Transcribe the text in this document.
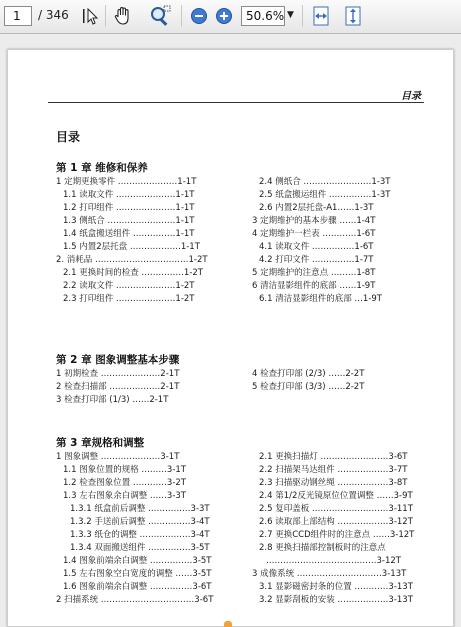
1	/ 346	50.6% ▼
目录
目录
第 1 章 维修和保养
1 定期更换零件 …………………1-1T
1.1 读取文件 …………………1-1T
1.2 打印组件 …………………1-1T
1.3 侧纸合 ……………………1-1T
1.4 纸盒搬送组件 ……………1-1T
1.5 内置2层托盘 ………………1-1T
2. 消耗品 ……………………………1-2T
2.1 更换时间的检查 ……………1-2T
2.2 读取文件 …………………1-2T
2.3 打印组件 …………………1-2T
2.4 侧纸合 ……………………1-3T
2.5 纸盒搬运组件 ……………1-3T
2.6 内置2层托盘-A1……1-3T
3 定期维护的基本步骤 ……1-4T
4 定期维护一栏表 …………1-6T
4.1 读取文件 ……………1-6T
4.2 打印文件 ……………1-7T
5 定期维护的注意点 ………1-8T
6 清洁显影组件的底部 ……1-9T
6.1 清洁显影组件的底部 …1-9T
第 2 章 图象调整基本步骤
1 初期检查 …………………2-1T
2 检查扫描部 ………………2-1T
3 检查打印部 (1/3) ……2-1T
4 检查打印部 (2/3) ……2-2T
5 检查打印部 (3/3) ……2-2T
第 3 章规格和调整
1 图象调整 …………………3-1T
1.1 图象位置的规格 ………3-1T
1.2 检查图象位置 …………3-2T
1.3 左右图象余白调整 ……3-3T
1.3.1 纸盒前后调整 ……………3-3T
1.3.2 手送前后调整 ……………3-4T
1.3.3 纸仓的调整 ………………3-4T
1.3.4 双面搬送组件 ……………3-5T
1.4 图象前端余白调整 ……………3-5T
1.5 左右图象空白宽度的调整 ……3-5T
1.6 图象前端余白调整 ……………3-6T
2 扫描系统 ……………………………3-6T
2.1 更换扫描灯 ……………………3-6T
2.2 扫描架马达组件 ………………3-7T
2.3 扫描驱动钢丝绳 ………………3-8T
2.4 第1/2反光镜原位位置调整 ……3-9T
2.5 复印盖板 ………………………3-11T
2.6 读取部上部结构 ………………3-12T
2.7 更换CCD组件时的注意点 ……3-12T
2.8 更换扫描部控制板时的注意点
…………………………………3-12T
3 成像系统 …………………………3-13T
3.1 显影磁密封条的位置 …………3-13T
3.2 显影刮板的安装 ………………3-13T
